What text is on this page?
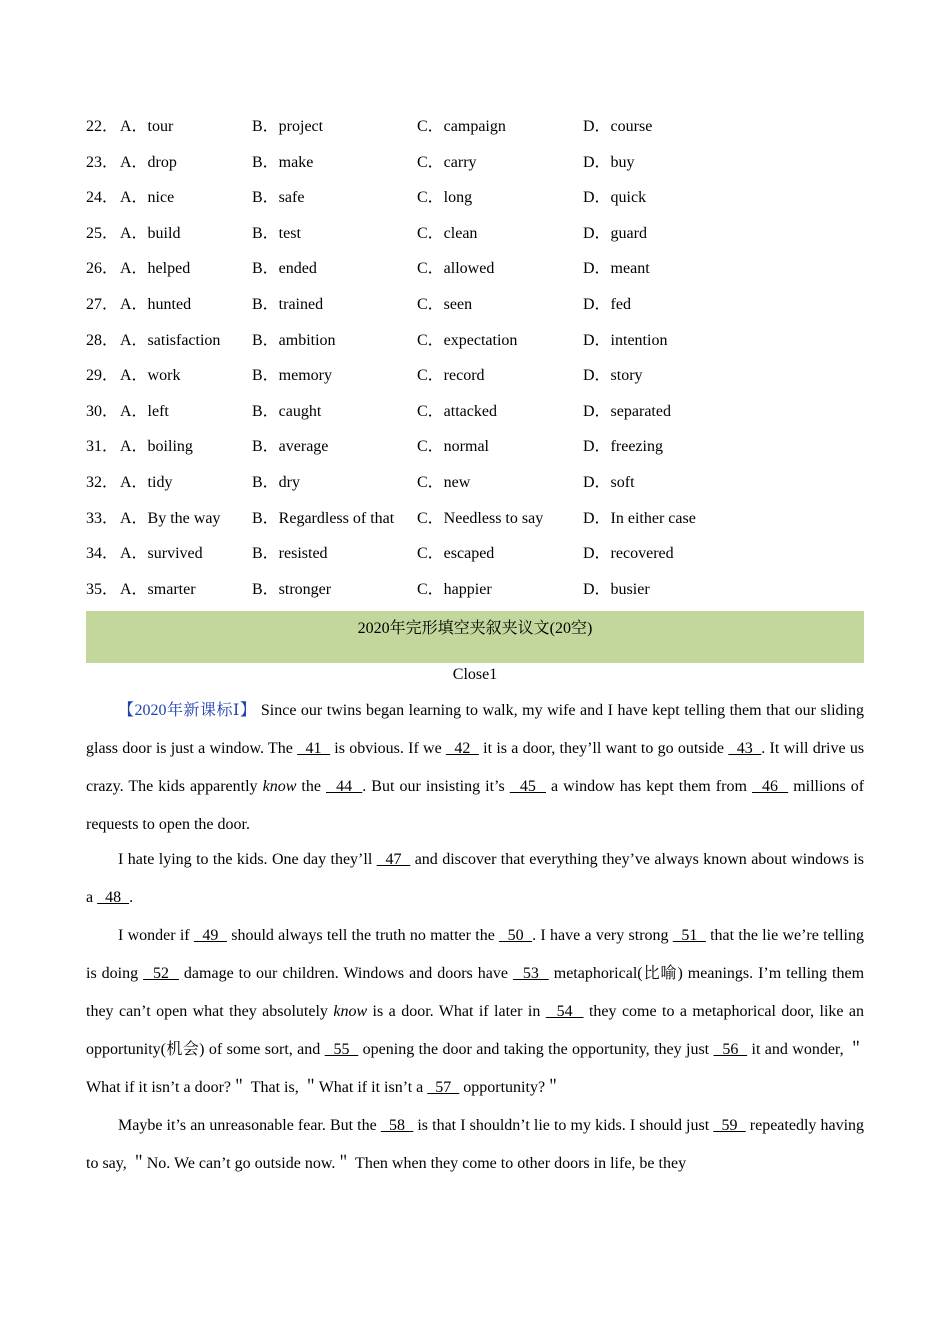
22． A．tour	B．project	C．campaign	D．course
23． A．drop	B．make	C．carry	D．buy
24． A．nice	B．safe	C．long	D．quick
25． A．build	B．test	C．clean	D．guard
26． A．helped	B．ended	C．allowed	D．meant
27． A．hunted	B．trained	C．seen	D．fed
28． A．satisfaction B．ambition	C．expectation	D．intention
29． A．work	B．memory	C．record	D．story
30． A．left	B．caught	C．attacked	D．separated
31． A．boiling	B．average	C．normal	D．freezing
32． A．tidy	B．dry	C．new	D．soft
33． A．By the way B．Regardless of that C．Needless to say D．In either case
34． A．survived	B．resisted	C．escaped	D．recovered
35． A．smarter	B．stronger	C．happier	D．busier
2020年完形填空夹叙夹议文(20空)
Close1

【2020年新课标Ⅰ】 Since our twins began learning to walk, my wife and I have kept telling them that our sliding glass door is just a window. The   41   is obvious. If we   42   it is a door, they’ll want to go outside   43  . It will drive us crazy. The kids apparently know the   44  . But our insisting it’s   45   a window has kept them from   46   millions of requests to open the door.

I hate lying to the kids. One day they’ll   47   and discover that everything they’ve always known about windows is a   48  .

I wonder if   49   should always tell the truth no matter the   50  . I have a very strong   51   that the lie we’re telling is doing   52   damage to our children. Windows and doors have   53   metaphorical(比喻) meanings. I’m telling them they can’t open what they absolutely know is a door. What if later in   54   they come to a metaphorical door, like an opportunity(机会) of some sort, and   55   opening the door and taking the opportunity, they just   56   it and wonder, ＂What if it isn’t a door?＂ That is, ＂What if it isn’t a   57   opportunity?＂

Maybe it’s an unreasonable fear. But the   58   is that I shouldn’t lie to my kids. I should just   59   repeatedly having to say, ＂No. We can’t go outside now.＂ Then when they come to other doors in life, be they
